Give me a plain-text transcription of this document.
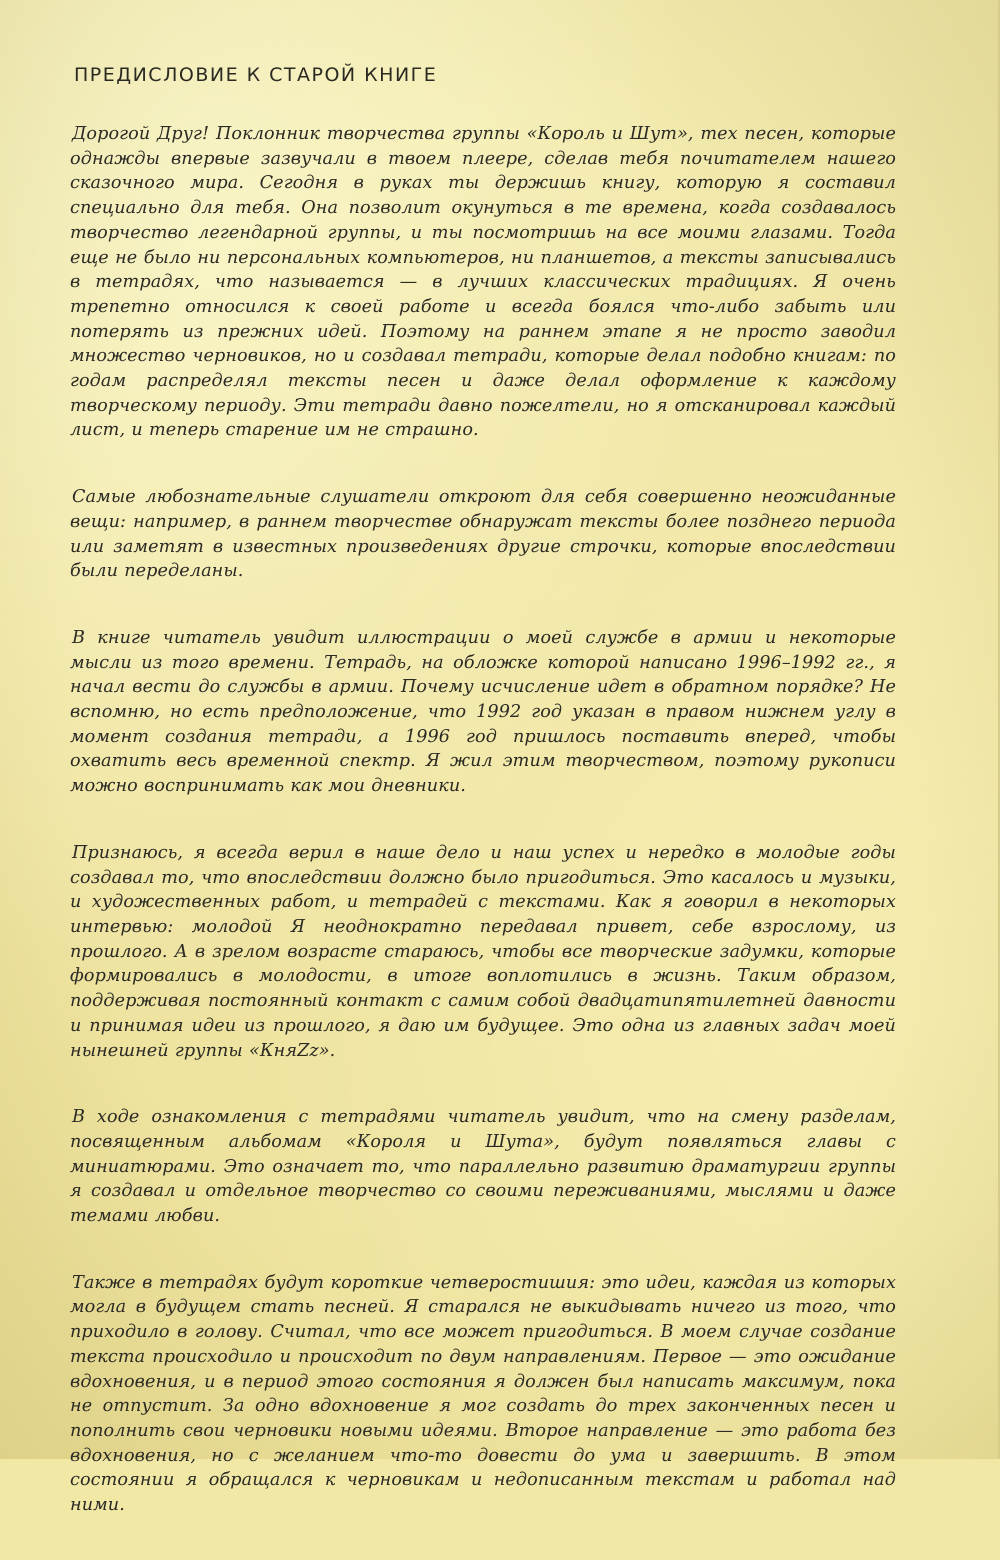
ПРЕДИСЛОВИЕ К СТАРОЙ КНИГЕ

Дорогой Друг! Поклонник творчества группы «Король и Шут», тех песен, которые однажды впервые зазвучали в твоем плеере, сделав тебя почитателем нашего сказочного мира. Сегодня в руках ты держишь книгу, которую я составил специально для тебя. Она позволит окунуться в те времена, когда создавалось творчество легендарной группы, и ты посмотришь на все моими глазами. Тогда еще не было ни персональных компьютеров, ни планшетов, а тексты записывались в тетрадях, что называется — в лучших классических традициях. Я очень трепетно относился к своей работе и всегда боялся что-либо забыть или потерять из прежних идей. Поэтому на раннем этапе я не просто заводил множество черновиков, но и создавал тетради, которые делал подобно книгам: по годам распределял тексты песен и даже делал оформление к каждому творческому периоду. Эти тетради давно пожелтели, но я отсканировал каждый лист, и теперь старение им не страшно.

Самые любознательные слушатели откроют для себя совершенно неожиданные вещи: например, в раннем творчестве обнаружат тексты более позднего периода или заметят в известных произведениях другие строчки, которые впоследствии были переделаны.

В книге читатель увидит иллюстрации о моей службе в армии и некоторые мысли из того времени. Тетрадь, на обложке которой написано 1996–1992 гг., я начал вести до службы в армии. Почему исчисление идет в обратном порядке? Не вспомню, но есть предположение, что 1992 год указан в правом нижнем углу в момент создания тетради, а 1996 год пришлось поставить вперед, чтобы охватить весь временной спектр. Я жил этим творчеством, поэтому рукописи можно воспринимать как мои дневники.

Признаюсь, я всегда верил в наше дело и наш успех и нередко в молодые годы создавал то, что впоследствии должно было пригодиться. Это касалось и музыки, и художественных работ, и тетрадей с текстами. Как я говорил в некоторых интервью: молодой Я неоднократно передавал привет, себе взрослому, из прошлого. А в зрелом возрасте стараюсь, чтобы все творческие задумки, которые формировались в молодости, в итоге воплотились в жизнь. Таким образом, поддерживая постоянный контакт с самим собой двадцатипятилетней давности и принимая идеи из прошлого, я даю им будущее. Это одна из главных задач моей нынешней группы «КняZz».

В ходе ознакомления с тетрадями читатель увидит, что на смену разделам, посвященным альбомам «Короля и Шута», будут появляться главы с миниатюрами. Это означает то, что параллельно развитию драматургии группы я создавал и отдельное творчество со своими переживаниями, мыслями и даже темами любви.

Также в тетрадях будут короткие четверостишия: это идеи, каждая из которых могла в будущем стать песней. Я старался не выкидывать ничего из того, что приходило в голову. Считал, что все может пригодиться. В моем случае создание текста происходило и происходит по двум направлениям. Первое — это ожидание вдохновения, и в период этого состояния я должен был написать максимум, пока не отпустит. За одно вдохновение я мог создать до трех законченных песен и пополнить свои черновики новыми идеями. Второе направление — это работа без вдохновения, но с желанием что-то довести до ума и завершить. В этом состоянии я обращался к черновикам и недописанным текстам и работал над ними.
